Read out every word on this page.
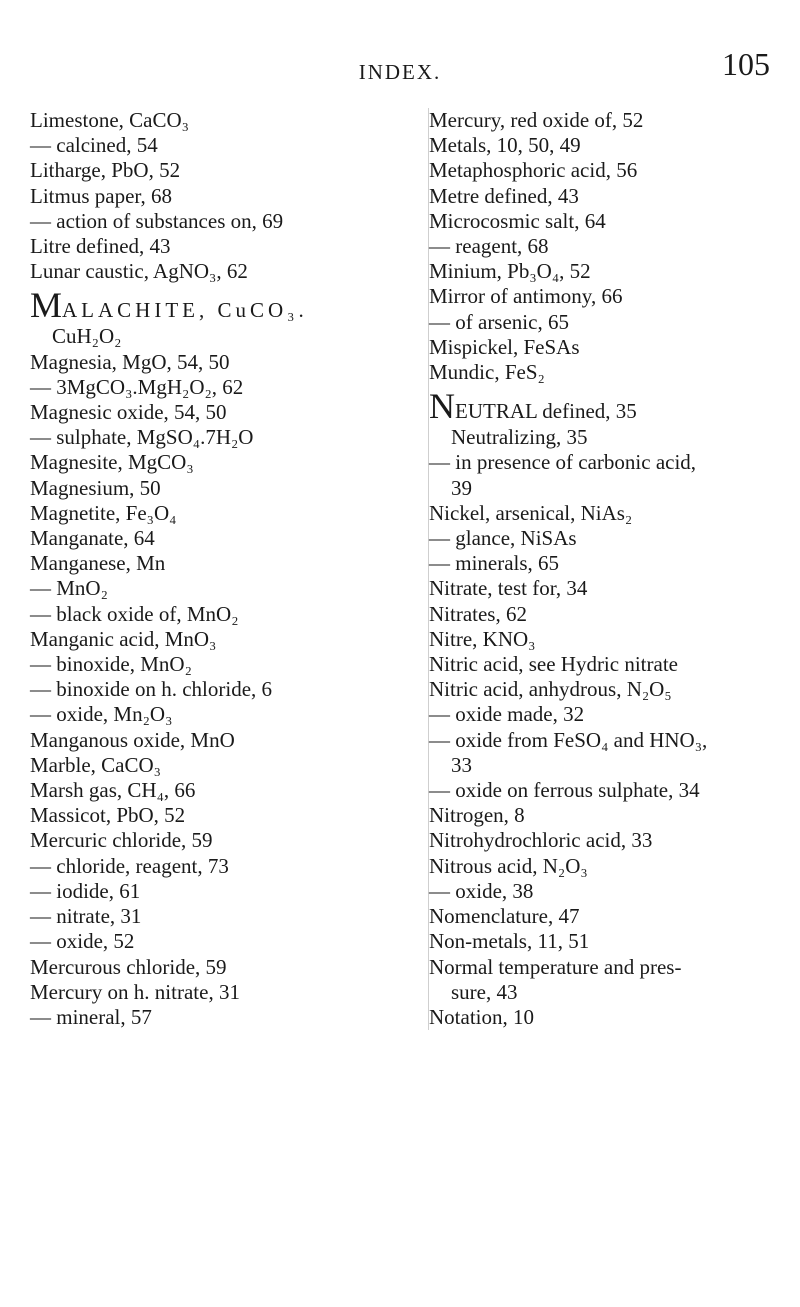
INDEX.	105
Limestone, CaCO₃
— calcined, 54
Litharge, PbO, 52
Litmus paper, 68
— action of substances on, 69
Litre defined, 43
Lunar caustic, AgNO₃, 62
MALACHITE, CuCO₃.
CuH₂O₂
Magnesia, MgO, 54, 50
— 3MgCO₃.MgH₂O₂, 62
Magnesic oxide, 54, 50
— sulphate, MgSO₄.7H₂O
Magnesite, MgCO₃
Magnesium, 50
Magnetite, Fe₃O₄
Manganate, 64
Manganese, Mn
— MnO₂
— black oxide of, MnO₂
Manganic acid, MnO₃
— binoxide, MnO₂
— binoxide on h. chloride, 6
— oxide, Mn₂O₃
Manganous oxide, MnO
Marble, CaCO₃
Marsh gas, CH₄, 66
Massicot, PbO, 52
Mercuric chloride, 59
— chloride, reagent, 73
— iodide, 61
— nitrate, 31
— oxide, 52
Mercurous chloride, 59
Mercury on h. nitrate, 31
— mineral, 57
Mercury, red oxide of, 52
Metals, 10, 50, 49
Metaphosphoric acid, 56
Metre defined, 43
Microcosmic salt, 64
— reagent, 68
Minium, Pb₃O₄, 52
Mirror of antimony, 66
— of arsenic, 65
Mispickel, FeSAs
Mundic, FeS₂
NEUTRAL defined, 35
Neutralizing, 35
— in presence of carbonic acid,
39
Nickel, arsenical, NiAs₂
— glance, NiSAs
— minerals, 65
Nitrate, test for, 34
Nitrates, 62
Nitre, KNO₃
Nitric acid, see Hydric nitrate
Nitric acid, anhydrous, N₂O₅
— oxide made, 32
— oxide from FeSO₄ and HNO₃,
33
— oxide on ferrous sulphate, 34
Nitrogen, 8
Nitrohydrochloric acid, 33
Nitrous acid, N₂O₃
— oxide, 38
Nomenclature, 47
Non-metals, 11, 51
Normal temperature and pres-
sure, 43
Notation, 10
